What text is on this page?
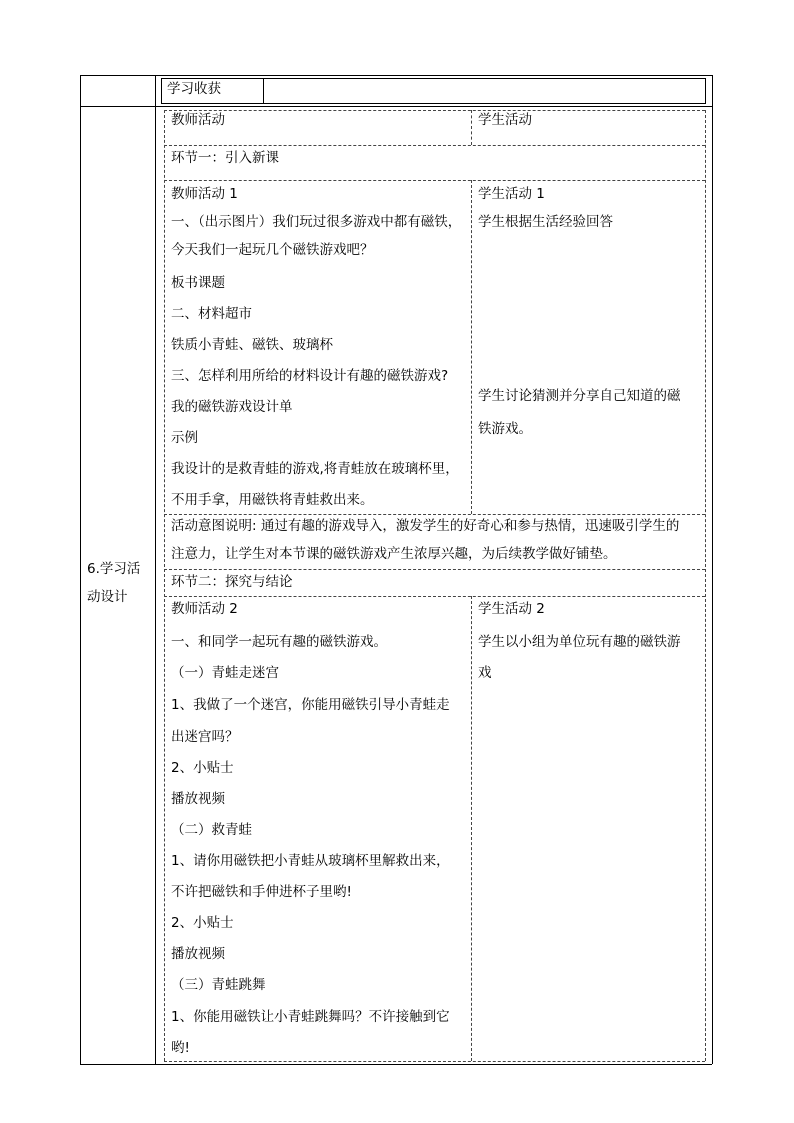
学习收获
6.学习活
动设计
教师活动	学生活动
环节一：引入新课
教师活动 1
一、（出示图片）我们玩过很多游戏中都有磁铁，
今天我们一起玩几个磁铁游戏吧？
板书课题
二、材料超市
铁质小青蛙、磁铁、玻璃杯
三、怎样利用所给的材料设计有趣的磁铁游戏?
我的磁铁游戏设计单
示例
我设计的是救青蛙的游戏,将青蛙放在玻璃杯里，
不用手拿，用磁铁将青蛙救出来。
学生活动 1
学生根据生活经验回答
学生讨论猜测并分享自己知道的磁
铁游戏。
活动意图说明: 通过有趣的游戏导入，激发学生的好奇心和参与热情，迅速吸引学生的
注意力，让学生对本节课的磁铁游戏产生浓厚兴趣，为后续教学做好铺垫。
环节二：探究与结论
教师活动 2
一、和同学一起玩有趣的磁铁游戏。
（一）青蛙走迷宫
1、我做了一个迷宫，你能用磁铁引导小青蛙走
出迷宫吗？
2、小贴士
播放视频
（二）救青蛙
1、请你用磁铁把小青蛙从玻璃杯里解救出来，
不许把磁铁和手伸进杯子里哟!
2、小贴士
播放视频
（三）青蛙跳舞
1、你能用磁铁让小青蛙跳舞吗？不许接触到它
哟!
学生活动 2
学生以小组为单位玩有趣的磁铁游
戏
